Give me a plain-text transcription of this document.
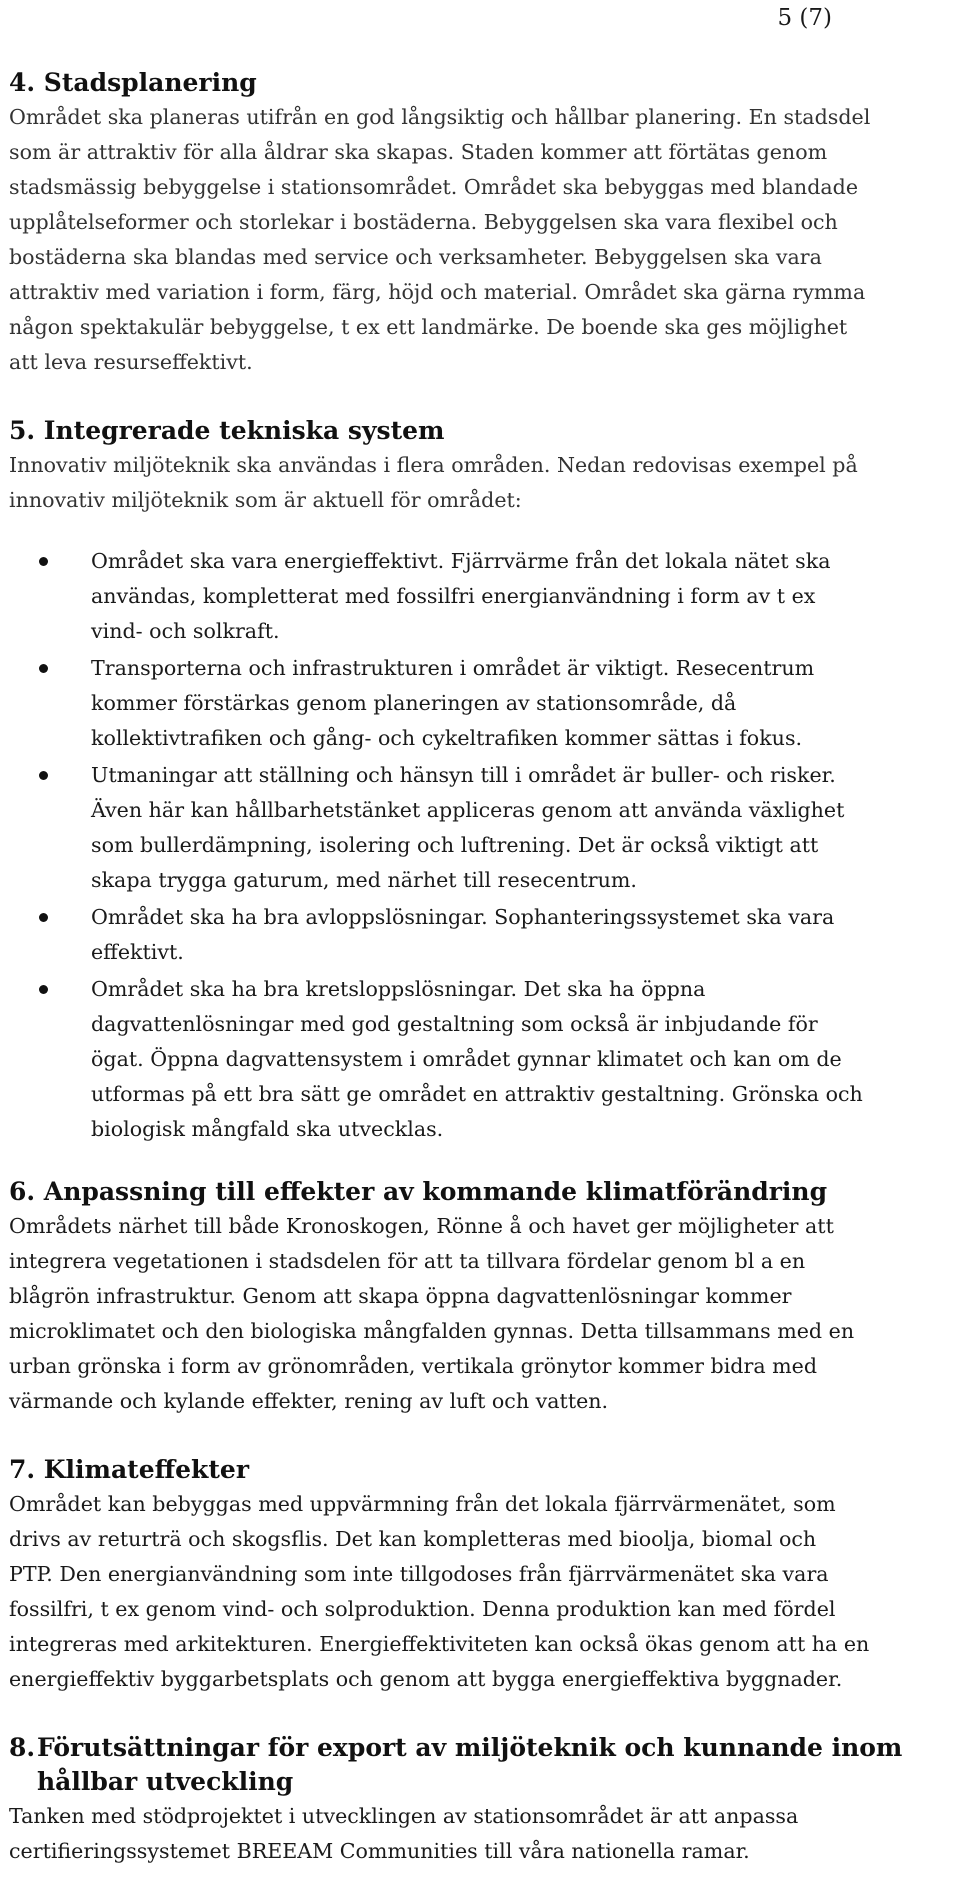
5 (7)
4. Stadsplanering
Området ska planeras utifrån en god långsiktig och hållbar planering. En stadsdel
som är attraktiv för alla åldrar ska skapas. Staden kommer att förtätas genom
stadsmässig bebyggelse i stationsområdet. Området ska bebyggas med blandade
upplåtelseformer och storlekar i bostäderna. Bebyggelsen ska vara flexibel och
bostäderna ska blandas med service och verksamheter. Bebyggelsen ska vara
attraktiv med variation i form, färg, höjd och material. Området ska gärna rymma
någon spektakulär bebyggelse, t ex ett landmärke. De boende ska ges möjlighet
att leva resurseffektivt.
5. Integrerade tekniska system
Innovativ miljöteknik ska användas i flera områden. Nedan redovisas exempel på
innovativ miljöteknik som är aktuell för området:
Området ska vara energieffektivt. Fjärrvärme från det lokala nätet ska
användas, kompletterat med fossilfri energianvändning i form av t ex
vind- och solkraft.
Transporterna och infrastrukturen i området är viktigt. Resecentrum
kommer förstärkas genom planeringen av stationsområde, då
kollektivtrafiken och gång- och cykeltrafiken kommer sättas i fokus.
Utmaningar att ställning och hänsyn till i området är buller- och risker.
Även här kan hållbarhetstänket appliceras genom att använda växlighet
som bullerdämpning, isolering och luftrening. Det är också viktigt att
skapa trygga gaturum, med närhet till resecentrum.
Området ska ha bra avloppslösningar. Sophanteringssystemet ska vara
effektivt.
Området ska ha bra kretsloppslösningar. Det ska ha öppna
dagvattenlösningar med god gestaltning som också är inbjudande för
ögat. Öppna dagvattensystem i området gynnar klimatet och kan om de
utformas på ett bra sätt ge området en attraktiv gestaltning. Grönska och
biologisk mångfald ska utvecklas.
6. Anpassning till effekter av kommande klimatförändring
Områdets närhet till både Kronoskogen, Rönne å och havet ger möjligheter att
integrera vegetationen i stadsdelen för att ta tillvara fördelar genom bl a en
blågrön infrastruktur. Genom att skapa öppna dagvattenlösningar kommer
microklimatet och den biologiska mångfalden gynnas. Detta tillsammans med en
urban grönska i form av grönområden, vertikala grönytor kommer bidra med
värmande och kylande effekter, rening av luft och vatten.
7. Klimateffekter
Området kan bebyggas med uppvärmning från det lokala fjärrvärmenätet, som
drivs av returträ och skogsflis. Det kan kompletteras med bioolja, biomal och
PTP. Den energianvändning som inte tillgodoses från fjärrvärmenätet ska vara
fossilfri, t ex genom vind- och solproduktion. Denna produktion kan med fördel
integreras med arkitekturen. Energieffektiviteten kan också ökas genom att ha en
energieffektiv byggarbetsplats och genom att bygga energieffektiva byggnader.
8. Förutsättningar för export av miljöteknik och kunnande inom
hållbar utveckling
Tanken med stödprojektet i utvecklingen av stationsområdet är att anpassa
certifieringssystemet BREEAM Communities till våra nationella ramar.
